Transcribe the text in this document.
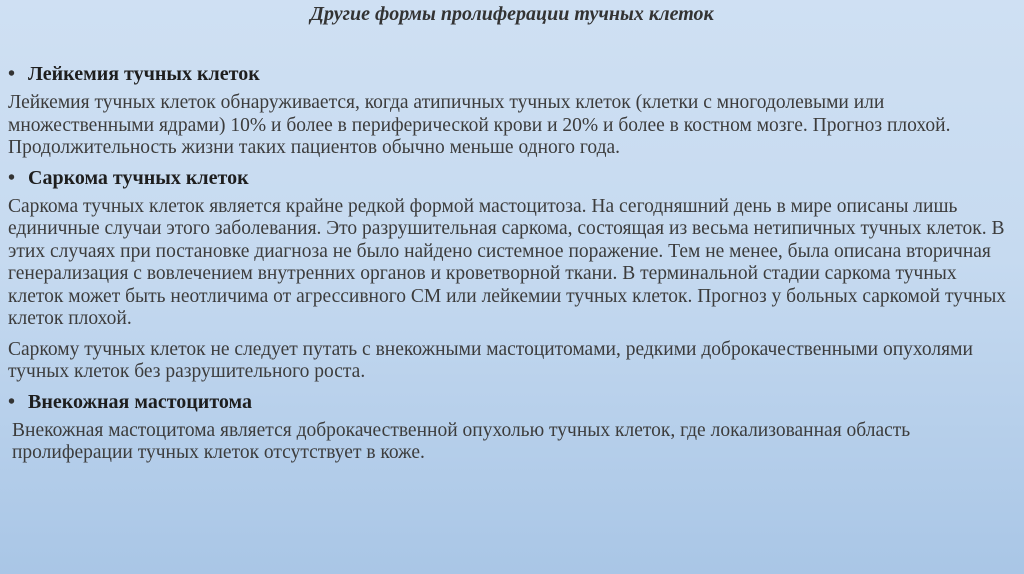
Другие формы пролиферации тучных клеток
• Лейкемия тучных клеток
Лейкемия тучных клеток обнаруживается, когда атипичных тучных клеток (клетки с многодолевыми или множественными ядрами) 10% и более в периферической крови и 20% и более в костном мозге. Прогноз плохой. Продолжительность жизни таких пациентов обычно меньше одного года.
• Саркома тучных клеток
Саркома тучных клеток является крайне редкой формой мастоцитоза. На сегодняшний день в мире описаны лишь единичные случаи этого заболевания. Это разрушительная саркома, состоящая из весьма нетипичных тучных клеток. В этих случаях при постановке диагноза не было найдено системное поражение. Тем не менее, была описана вторичная генерализация с вовлечением внутренних органов и кроветворной ткани. В терминальной стадии саркома тучных клеток может быть неотличима от агрессивного СМ или лейкемии тучных клеток. Прогноз у больных саркомой тучных клеток плохой.
Саркому тучных клеток не следует путать с внекожными мастоцитомами, редкими доброкачественными опухолями тучных клеток без разрушительного роста.
• Внекожная мастоцитома
Внекожная мастоцитома является доброкачественной опухолью тучных клеток, где локализованная область пролиферации тучных клеток отсутствует в коже.
